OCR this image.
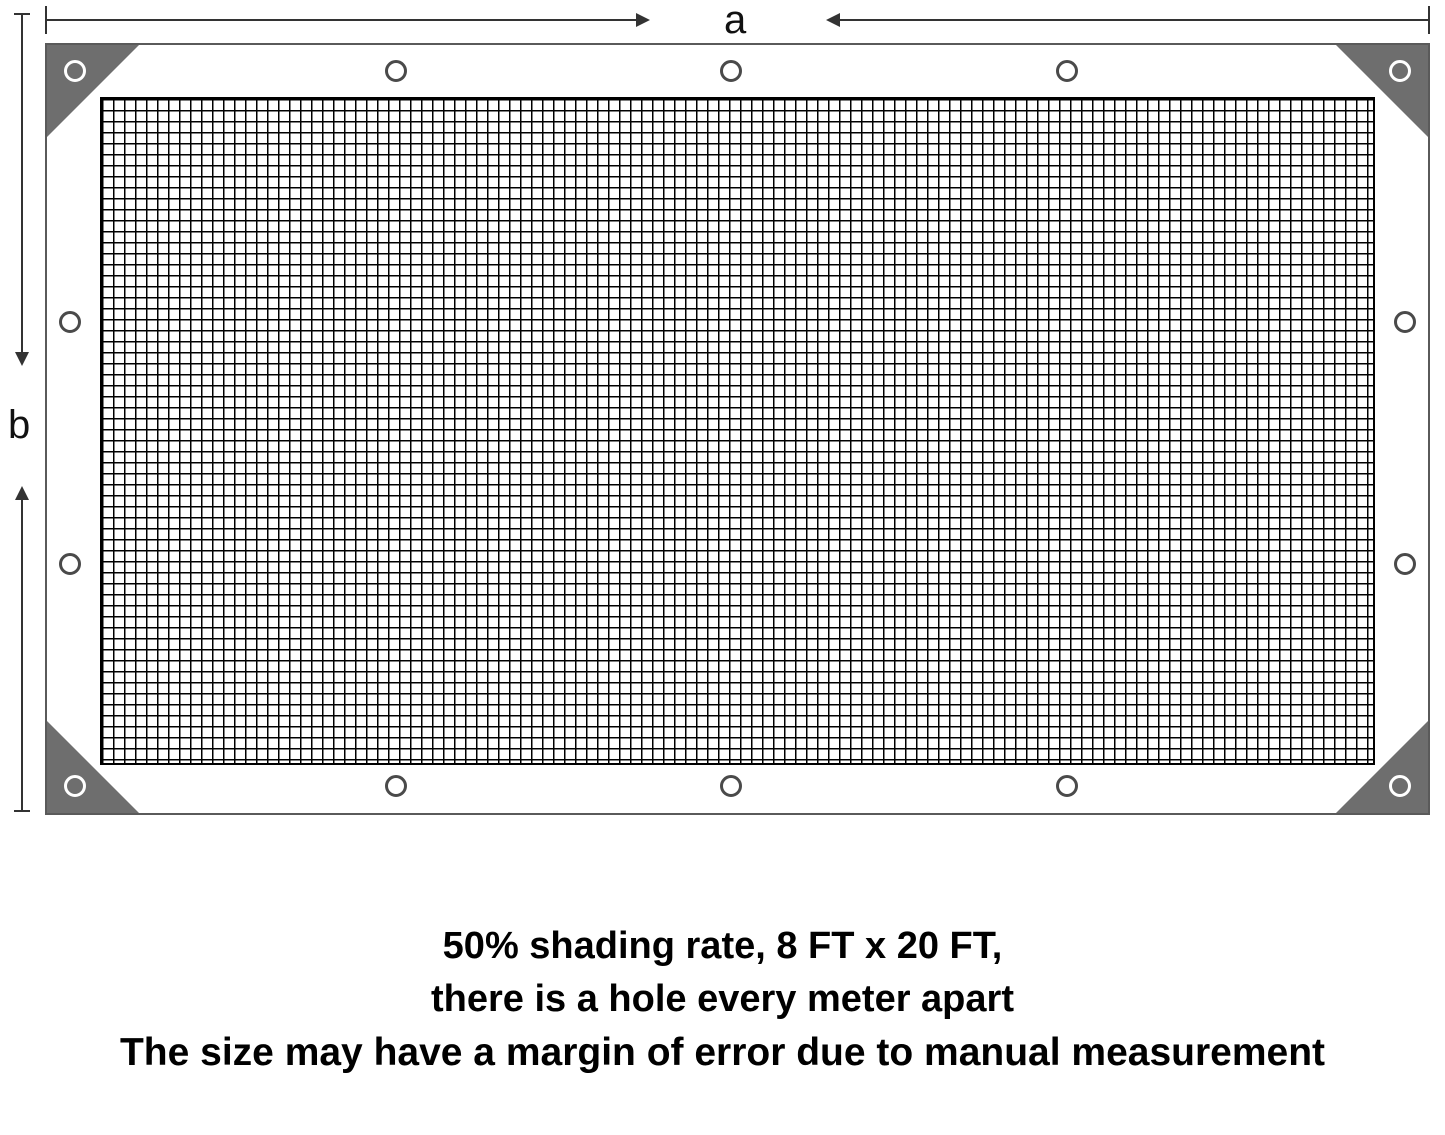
a
b
50% shading rate, 8 FT x 20 FT,
there is a hole every meter apart
The size may have a margin of error due to manual measurement
